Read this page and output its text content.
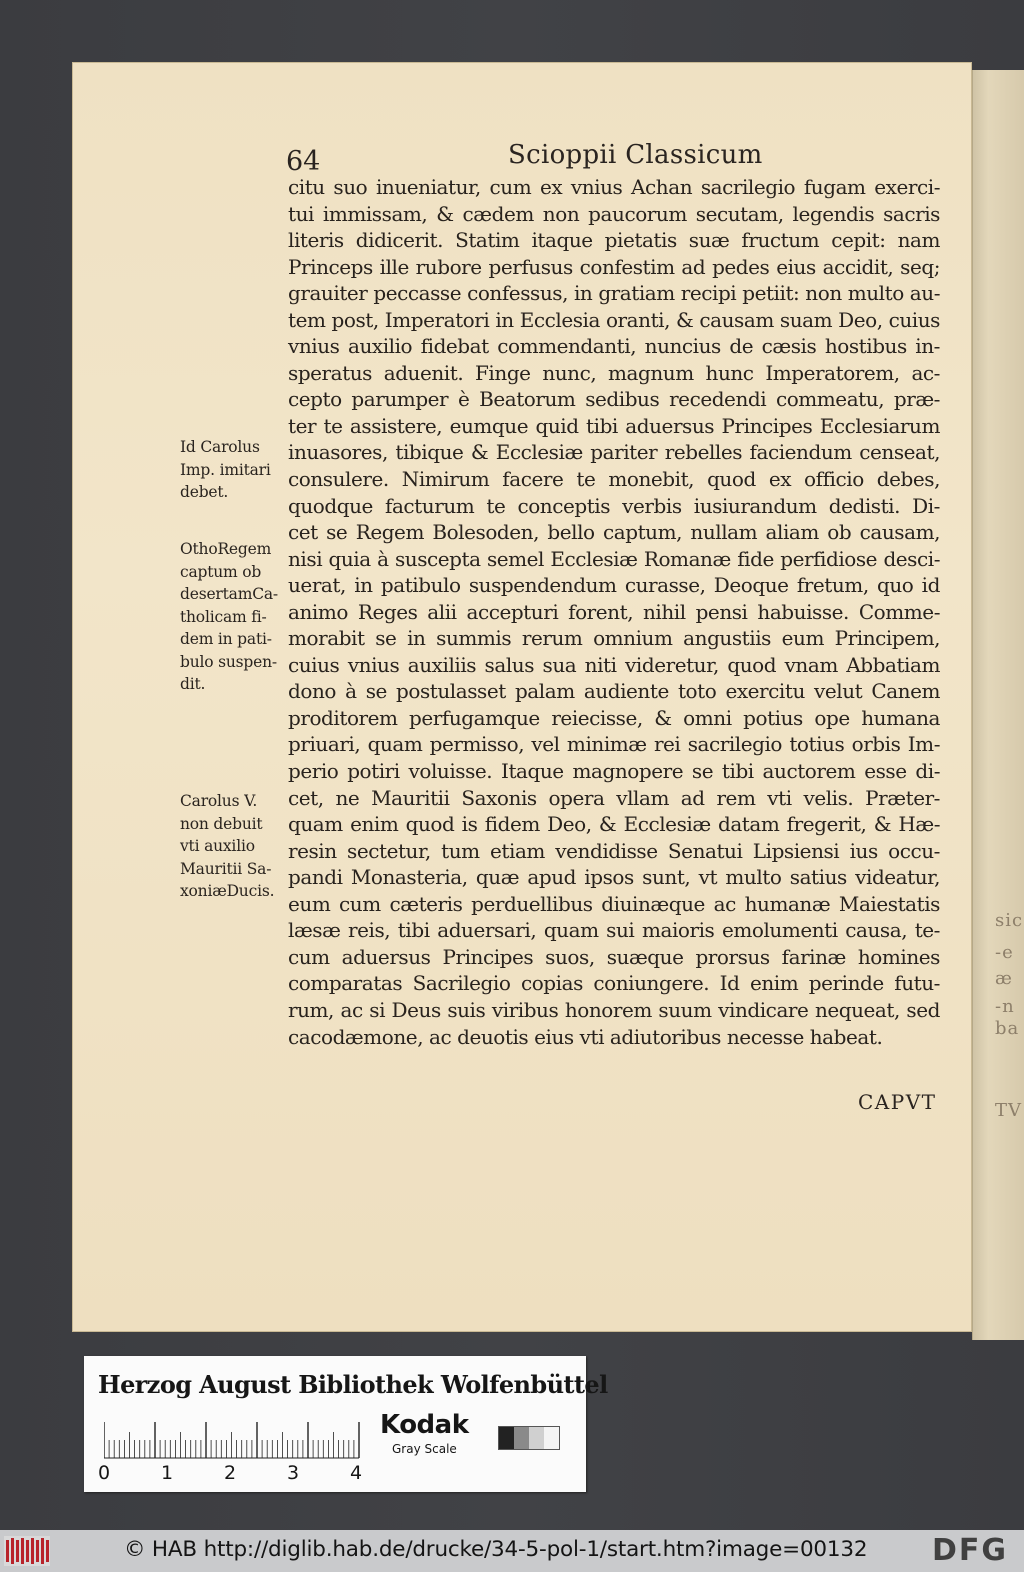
sic
-e
æ
-n
ba
TV
64	Scioppii Classicum
citu suo inueniatur, cum ex vnius Achan sacrilegio fugam exerci-
tui immissam, & cædem non paucorum secutam, legendis sacris
literis didicerit. Statim itaque pietatis suæ fructum cepit: nam
Princeps ille rubore perfusus confestim ad pedes eius accidit, seq;
grauiter peccasse confessus, in gratiam recipi petiit: non multo au-
tem post, Imperatori in Ecclesia oranti, & causam suam Deo, cuius
vnius auxilio fidebat commendanti, nuncius de cæsis hostibus in-
speratus aduenit. Finge nunc, magnum hunc Imperatorem, ac-
cepto parumper è Beatorum sedibus recedendi commeatu, præ-
ter te assistere, eumque quid tibi aduersus Principes Ecclesiarum
inuasores, tibique & Ecclesiæ pariter rebelles faciendum censeat,
consulere. Nimirum facere te monebit, quod ex officio debes,
quodque facturum te conceptis verbis iusiurandum dedisti. Di-
cet se Regem Bolesoden, bello captum, nullam aliam ob causam,
nisi quia à suscepta semel Ecclesiæ Romanæ fide perfidiose desci-
uerat, in patibulo suspendendum curasse, Deoque fretum, quo id
animo Reges alii accepturi forent, nihil pensi habuisse. Comme-
morabit se in summis rerum omnium angustiis eum Principem,
cuius vnius auxiliis salus sua niti videretur, quod vnam Abbatiam
dono à se postulasset palam audiente toto exercitu velut Canem
proditorem perfugamque reiecisse, & omni potius ope humana
priuari, quam permisso, vel minimæ rei sacrilegio totius orbis Im-
perio potiri voluisse. Itaque magnopere se tibi auctorem esse di-
cet, ne Mauritii Saxonis opera vllam ad rem vti velis. Præter-
quam enim quod is fidem Deo, & Ecclesiæ datam fregerit, & Hæ-
resin sectetur, tum etiam vendidisse Senatui Lipsiensi ius occu-
pandi Monasteria, quæ apud ipsos sunt, vt multo satius videatur,
eum cum cæteris perduellibus diuinæque ac humanæ Maiestatis
læsæ reis, tibi aduersari, quam sui maioris emolumenti causa, te-
cum aduersus Principes suos, suæque prorsus farinæ homines
comparatas Sacrilegio copias coniungere. Id enim perinde futu-
rum, ac si Deus suis viribus honorem suum vindicare nequeat, sed
cacodæmone, ac deuotis eius vti adiutoribus necesse habeat.
Id Carolus
Imp. imitari
debet.
OthoRegem
captum ob
desertamCa-
tholicam fi-
dem in pati-
bulo suspen-
dit.
Carolus V.
non debuit
vti auxilio
Mauritii Sa-
xoniæDucis.
CAPVT
Herzog August Bibliothek Wolfenbüttel
0	1	2	3	4
Kodak
Gray Scale
© HAB http://diglib.hab.de/drucke/34-5-pol-1/start.htm?image=00132 DFG
